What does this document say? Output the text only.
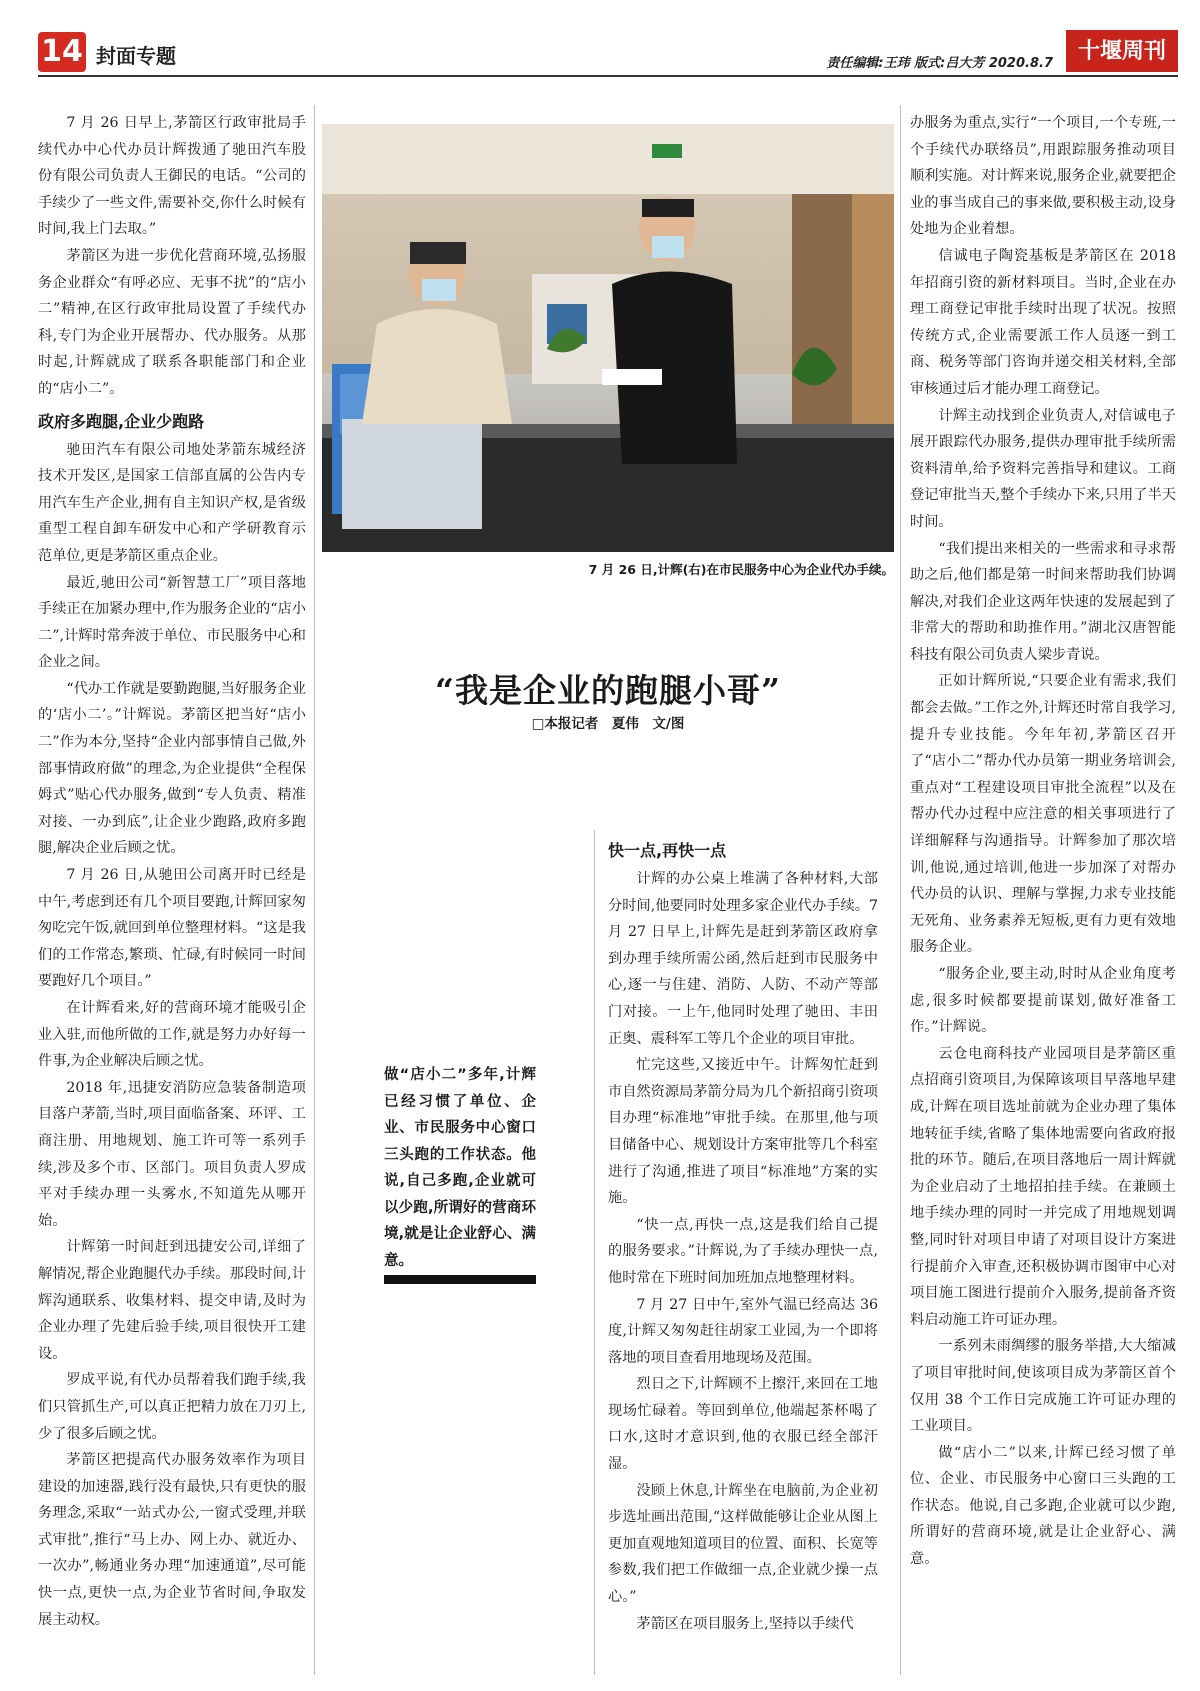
14 封面专题	责任编辑:王玮 版式:吕大芳 2020.8.7	十堰周刊

7 月 26 日早上,茅箭区行政审批局手续代办中心代办员计辉拨通了驰田汽车股份有限公司负责人王御民的电话。“公司的手续少了一些文件,需要补交,你什么时候有时间,我上门去取。”

茅箭区为进一步优化营商环境,弘扬服务企业群众“有呼必应、无事不扰”的“店小二”精神,在区行政审批局设置了手续代办科,专门为企业开展帮办、代办服务。从那时起,计辉就成了联系各职能部门和企业的“店小二”。

政府多跑腿,企业少跑路

驰田汽车有限公司地处茅箭东城经济技术开发区,是国家工信部直属的公告内专用汽车生产企业,拥有自主知识产权,是省级重型工程自卸车研发中心和产学研教育示范单位,更是茅箭区重点企业。

最近,驰田公司“新智慧工厂”项目落地手续正在加紧办理中,作为服务企业的“店小二”,计辉时常奔波于单位、市民服务中心和企业之间。

“代办工作就是要勤跑腿,当好服务企业的‘店小二’。”计辉说。茅箭区把当好“店小二”作为本分,坚持“企业内部事情自己做,外部事情政府做”的理念,为企业提供“全程保姆式”贴心代办服务,做到“专人负责、精准对接、一办到底”,让企业少跑路,政府多跑腿,解决企业后顾之忧。

7 月 26 日,从驰田公司离开时已经是中午,考虑到还有几个项目要跑,计辉回家匆匆吃完午饭,就回到单位整理材料。“这是我们的工作常态,繁琐、忙碌,有时候同一时间要跑好几个项目。”

在计辉看来,好的营商环境才能吸引企业入驻,而他所做的工作,就是努力办好每一件事,为企业解决后顾之忧。

2018 年,迅捷安消防应急装备制造项目落户茅箭,当时,项目面临备案、环评、工商注册、用地规划、施工许可等一系列手续,涉及多个市、区部门。项目负责人罗成平对手续办理一头雾水,不知道先从哪开始。

计辉第一时间赶到迅捷安公司,详细了解情况,帮企业跑腿代办手续。那段时间,计辉沟通联系、收集材料、提交申请,及时为企业办理了先建后验手续,项目很快开工建设。

罗成平说,有代办员帮着我们跑手续,我们只管抓生产,可以真正把精力放在刀刃上,少了很多后顾之忧。

茅箭区把提高代办服务效率作为项目建设的加速器,践行没有最快,只有更快的服务理念,采取“一站式办公,一窗式受理,并联式审批”,推行“马上办、网上办、就近办、一次办”,畅通业务办理“加速通道”,尽可能快一点,更快一点,为企业节省时间,争取发展主动权。

7 月 26 日,计辉(右)在市民服务中心为企业代办手续。
“我是企业的跑腿小哥”
□本报记者　夏伟　文/图
做“店小二”多年,计辉已经习惯了单位、企业、市民服务中心窗口三头跑的工作状态。他说,自己多跑,企业就可以少跑,所谓好的营商环境,就是让企业舒心、满意。
快一点,再快一点

计辉的办公桌上堆满了各种材料,大部分时间,他要同时处理多家企业代办手续。7 月 27 日早上,计辉先是赶到茅箭区政府拿到办理手续所需公函,然后赶到市民服务中心,逐一与住建、消防、人防、不动产等部门对接。一上午,他同时处理了驰田、丰田正奥、震科军工等几个企业的项目审批。

忙完这些,又接近中午。计辉匆忙赶到市自然资源局茅箭分局为几个新招商引资项目办理“标准地”审批手续。在那里,他与项目储备中心、规划设计方案审批等几个科室进行了沟通,推进了项目“标准地”方案的实施。

“快一点,再快一点,这是我们给自己提的服务要求。”计辉说,为了手续办理快一点,他时常在下班时间加班加点地整理材料。

7 月 27 日中午,室外气温已经高达 36 度,计辉又匆匆赶往胡家工业园,为一个即将落地的项目查看用地现场及范围。

烈日之下,计辉顾不上擦汗,来回在工地现场忙碌着。等回到单位,他端起茶杯喝了口水,这时才意识到,他的衣服已经全部汗湿。

没顾上休息,计辉坐在电脑前,为企业初步选址画出范围,“这样做能够让企业从图上更加直观地知道项目的位置、面积、长宽等参数,我们把工作做细一点,企业就少操一点心。”

茅箭区在项目服务上,坚持以手续代

办服务为重点,实行“一个项目,一个专班,一个手续代办联络员”,用跟踪服务推动项目顺利实施。对计辉来说,服务企业,就要把企业的事当成自己的事来做,要积极主动,设身处地为企业着想。

信诚电子陶瓷基板是茅箭区在 2018 年招商引资的新材料项目。当时,企业在办理工商登记审批手续时出现了状况。按照传统方式,企业需要派工作人员逐一到工商、税务等部门咨询并递交相关材料,全部审核通过后才能办理工商登记。

计辉主动找到企业负责人,对信诚电子展开跟踪代办服务,提供办理审批手续所需资料清单,给予资料完善指导和建议。工商登记审批当天,整个手续办下来,只用了半天时间。

“我们提出来相关的一些需求和寻求帮助之后,他们都是第一时间来帮助我们协调解决,对我们企业这两年快速的发展起到了非常大的帮助和助推作用。”湖北汉唐智能科技有限公司负责人梁步青说。

正如计辉所说,“只要企业有需求,我们都会去做。”工作之外,计辉还时常自我学习,提升专业技能。今年年初,茅箭区召开了“店小二”帮办代办员第一期业务培训会,重点对“工程建设项目审批全流程”以及在帮办代办过程中应注意的相关事项进行了详细解释与沟通指导。计辉参加了那次培训,他说,通过培训,他进一步加深了对帮办代办员的认识、理解与掌握,力求专业技能无死角、业务素养无短板,更有力更有效地服务企业。

“服务企业,要主动,时时从企业角度考虑,很多时候都要提前谋划,做好准备工作。”计辉说。

云仓电商科技产业园项目是茅箭区重点招商引资项目,为保障该项目早落地早建成,计辉在项目选址前就为企业办理了集体地转征手续,省略了集体地需要向省政府报批的环节。随后,在项目落地后一周计辉就为企业启动了土地招拍挂手续。在兼顾土地手续办理的同时一并完成了用地规划调整,同时针对项目申请了对项目设计方案进行提前介入审查,还积极协调市图审中心对项目施工图进行提前介入服务,提前备齐资料启动施工许可证办理。

一系列未雨绸缪的服务举措,大大缩减了项目审批时间,使该项目成为茅箭区首个仅用 38 个工作日完成施工许可证办理的工业项目。

做“店小二”以来,计辉已经习惯了单位、企业、市民服务中心窗口三头跑的工作状态。他说,自己多跑,企业就可以少跑,所谓好的营商环境,就是让企业舒心、满意。
